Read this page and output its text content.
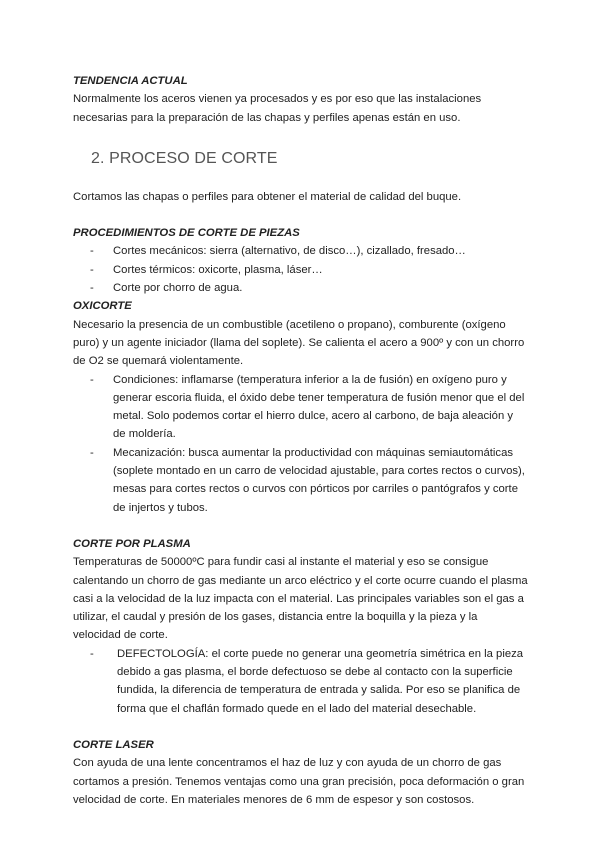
TENDENCIA ACTUAL

Normalmente los aceros vienen ya procesados y es por eso que las instalaciones necesarias para la preparación de las chapas y perfiles apenas están en uso.

2. PROCESO DE CORTE

Cortamos las chapas o perfiles para obtener el material de calidad del buque.

PROCEDIMIENTOS DE CORTE DE PIEZAS

- Cortes mecánicos: sierra (alternativo, de disco…), cizallado, fresado…
- Cortes térmicos: oxicorte, plasma, láser…
- Corte por chorro de agua.

OXICORTE

Necesario la presencia de un combustible (acetileno o propano), comburente (oxígeno puro) y un agente iniciador (llama del soplete). Se calienta el acero a 900º y con un chorro de O2 se quemará violentamente.

- Condiciones: inflamarse (temperatura inferior a la de fusión) en oxígeno puro y generar escoria fluida, el óxido debe tener temperatura de fusión menor que el del metal. Solo podemos cortar el hierro dulce, acero al carbono, de baja aleación y de moldería.
- Mecanización: busca aumentar la productividad con máquinas semiautomáticas (soplete montado en un carro de velocidad ajustable, para cortes rectos o curvos), mesas para cortes rectos o curvos con pórticos por carriles o pantógrafos y corte de injertos y tubos.

CORTE POR PLASMA

Temperaturas de 50000ºC para fundir casi al instante el material y eso se consigue calentando un chorro de gas mediante un arco eléctrico y el corte ocurre cuando el plasma casi a la velocidad de la luz impacta con el material. Las principales variables son el gas a utilizar, el caudal y presión de los gases, distancia entre la boquilla y la pieza y la velocidad de corte.

- DEFECTOLOGÍA: el corte puede no generar una geometría simétrica en la pieza debido a gas plasma, el borde defectuoso se debe al contacto con la superficie fundida, la diferencia de temperatura de entrada y salida. Por eso se planifica de forma que el chaflán formado quede en el lado del material desechable.

CORTE LASER

Con ayuda de una lente concentramos el haz de luz y con ayuda de un chorro de gas cortamos a presión. Tenemos ventajas como una gran precisión, poca deformación o gran velocidad de corte. En materiales menores de 6 mm de espesor y son costosos.
